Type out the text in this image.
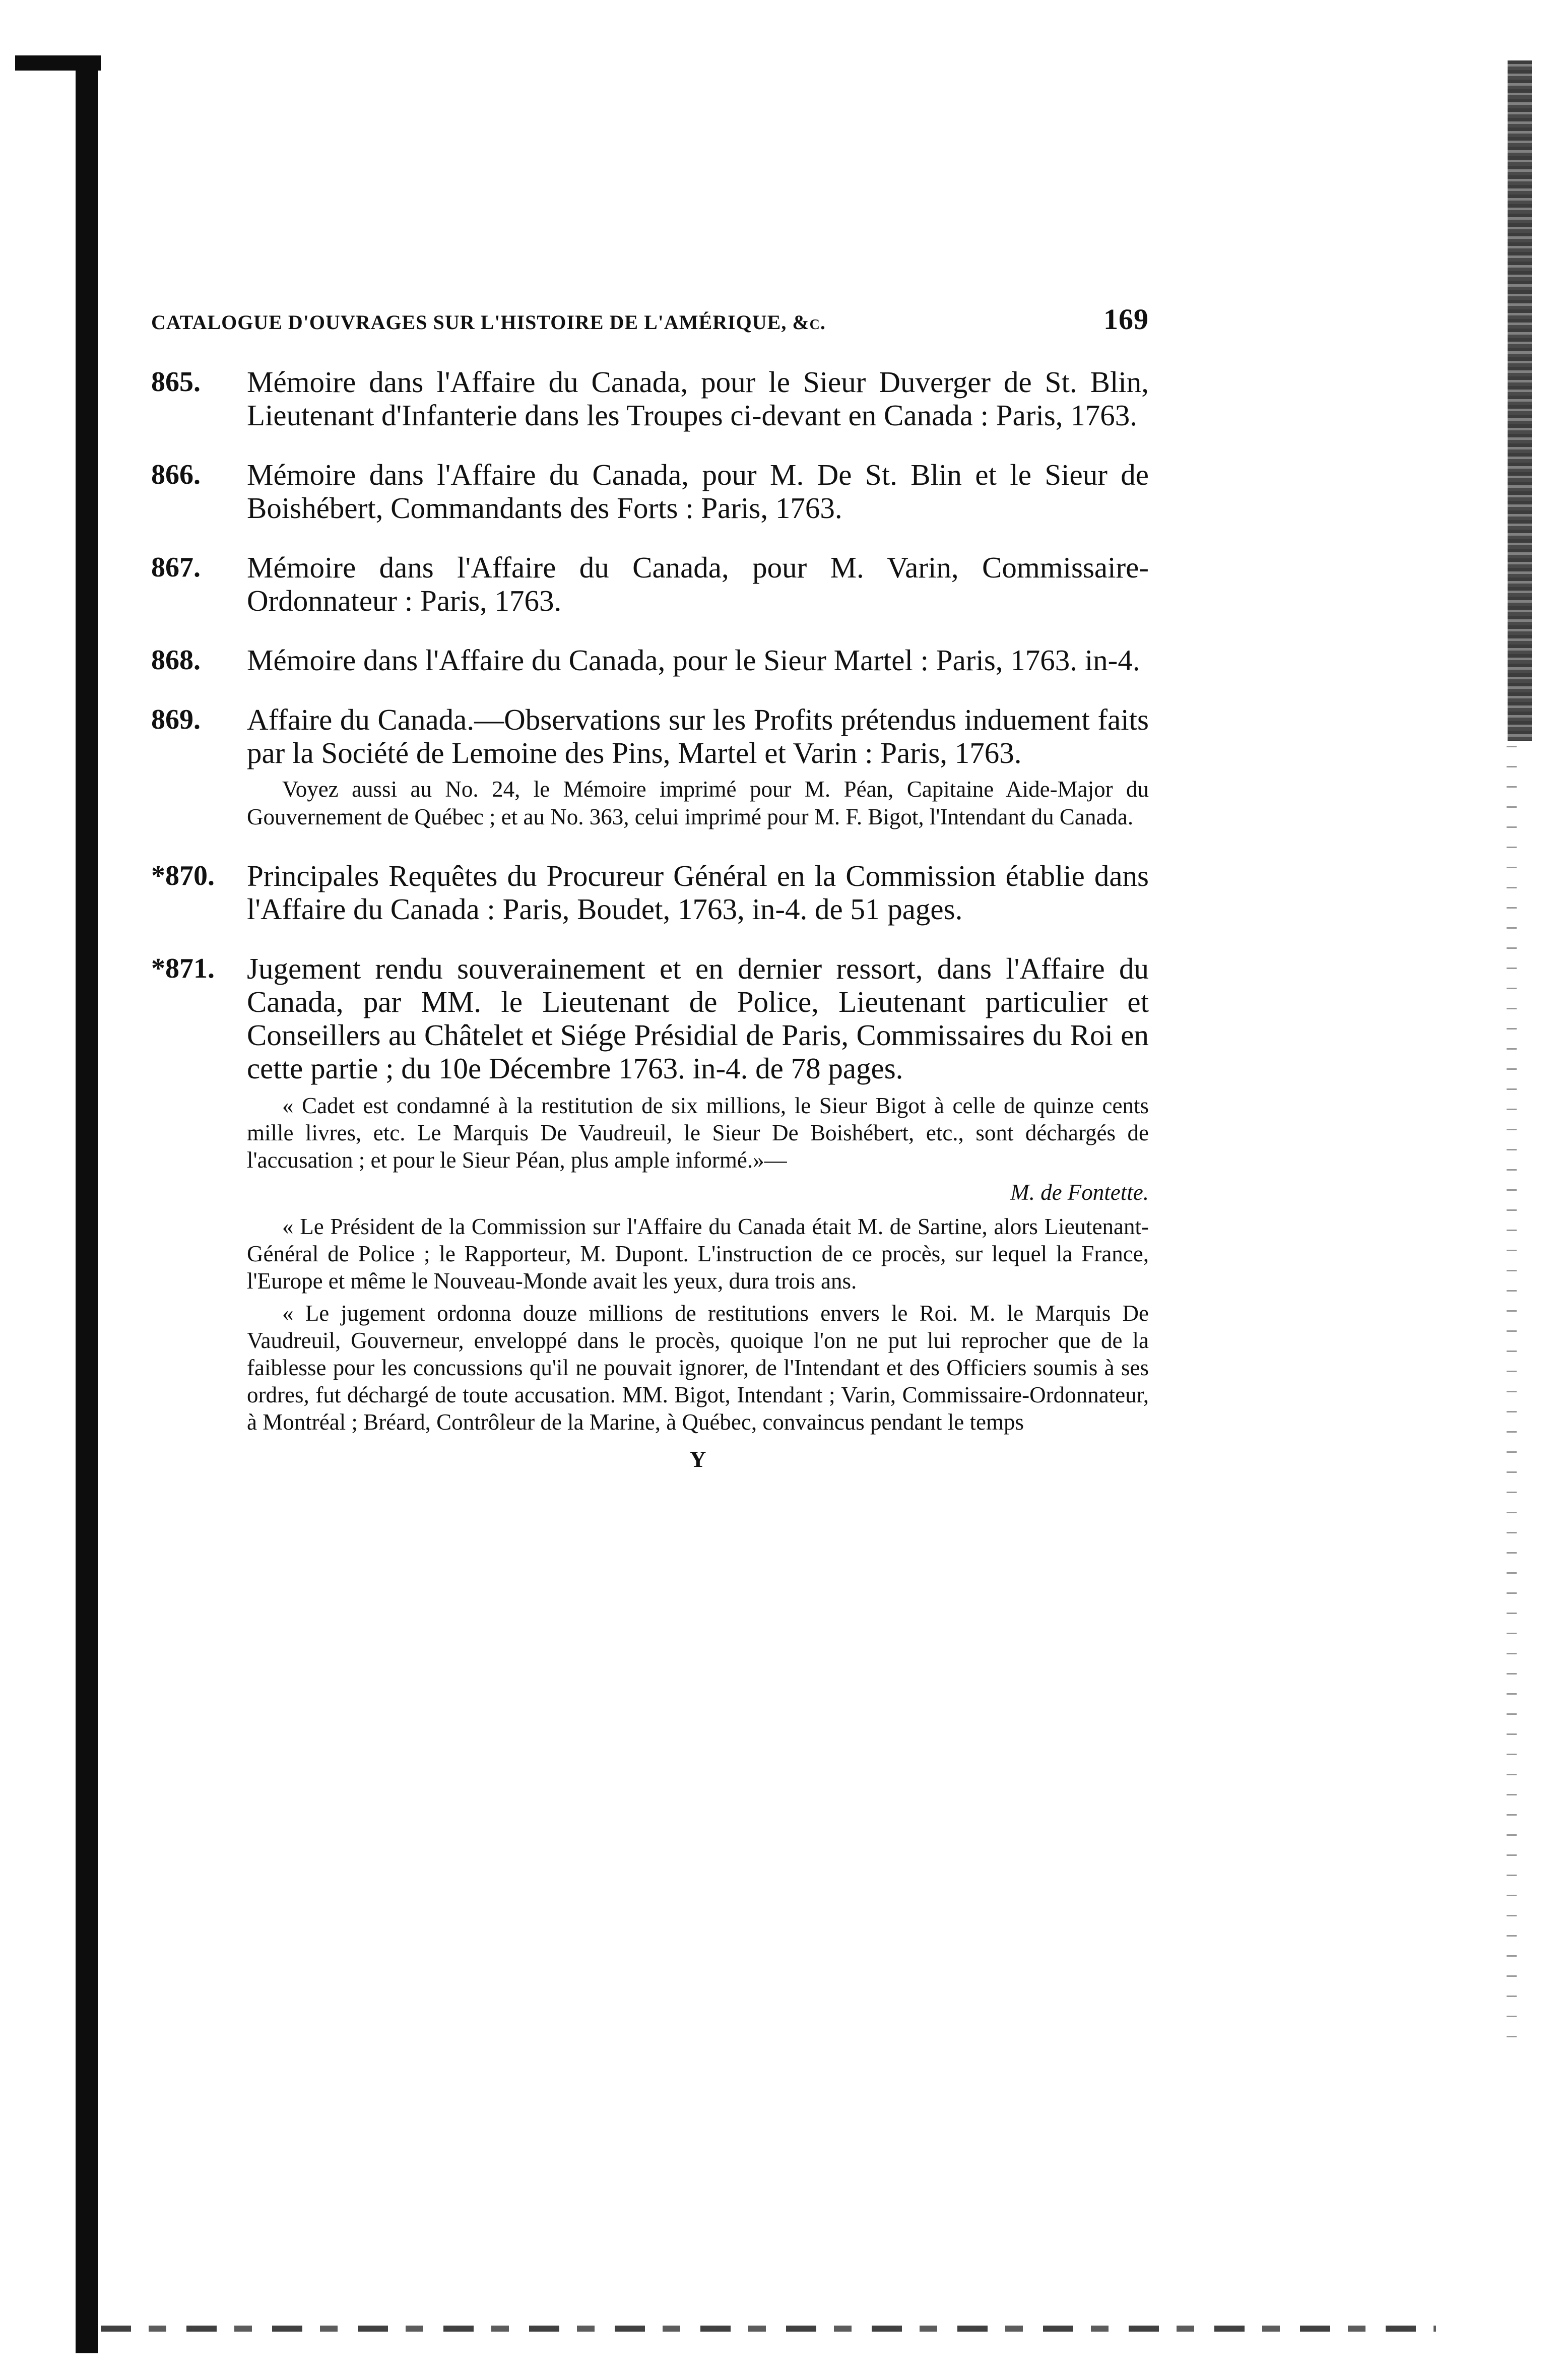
CATALOGUE D'OUVRAGES SUR L'HISTOIRE DE L'AMÉRIQUE, &c.	169
865.	Mémoire dans l'Affaire du Canada, pour le Sieur Duverger de St. Blin, Lieutenant d'Infanterie dans les Troupes ci-devant en Canada : Paris, 1763.
866.	Mémoire dans l'Affaire du Canada, pour M. De St. Blin et le Sieur de Boishébert, Commandants des Forts : Paris, 1763.
867.	Mémoire dans l'Affaire du Canada, pour M. Varin, Commissaire-Ordonnateur : Paris, 1763.
868.	Mémoire dans l'Affaire du Canada, pour le Sieur Martel : Paris, 1763. in-4.
869.	Affaire du Canada.—Observations sur les Profits prétendus induement faits par la Société de Lemoine des Pins, Martel et Varin : Paris, 1763.

Voyez aussi au No. 24, le Mémoire imprimé pour M. Péan, Capitaine Aide-Major du Gouvernement de Québec ; et au No. 363, celui imprimé pour M. F. Bigot, l'Intendant du Canada.

*870.	Principales Requêtes du Procureur Général en la Commission établie dans l'Affaire du Canada : Paris, Boudet, 1763, in-4. de 51 pages.
*871.	Jugement rendu souverainement et en dernier ressort, dans l'Affaire du Canada, par MM. le Lieutenant de Police, Lieutenant particulier et Conseillers au Châtelet et Siége Présidial de Paris, Commissaires du Roi en cette partie ; du 10e Décembre 1763. in-4. de 78 pages.

« Cadet est condamné à la restitution de six millions, le Sieur Bigot à celle de quinze cents mille livres, etc. Le Marquis De Vaudreuil, le Sieur De Boishébert, etc., sont déchargés de l'accusation ; et pour le Sieur Péan, plus ample informé.»—

M. de Fontette.

« Le Président de la Commission sur l'Affaire du Canada était M. de Sartine, alors Lieutenant-Général de Police ; le Rapporteur, M. Dupont. L'instruction de ce procès, sur lequel la France, l'Europe et même le Nouveau-Monde avait les yeux, dura trois ans.

« Le jugement ordonna douze millions de restitutions envers le Roi. M. le Marquis De Vaudreuil, Gouverneur, enveloppé dans le procès, quoique l'on ne put lui reprocher que de la faiblesse pour les concussions qu'il ne pouvait ignorer, de l'Intendant et des Officiers soumis à ses ordres, fut déchargé de toute accusation. MM. Bigot, Intendant ; Varin, Commissaire-Ordonnateur, à Montréal ; Bréard, Contrôleur de la Marine, à Québec, convaincus pendant le temps

Y
